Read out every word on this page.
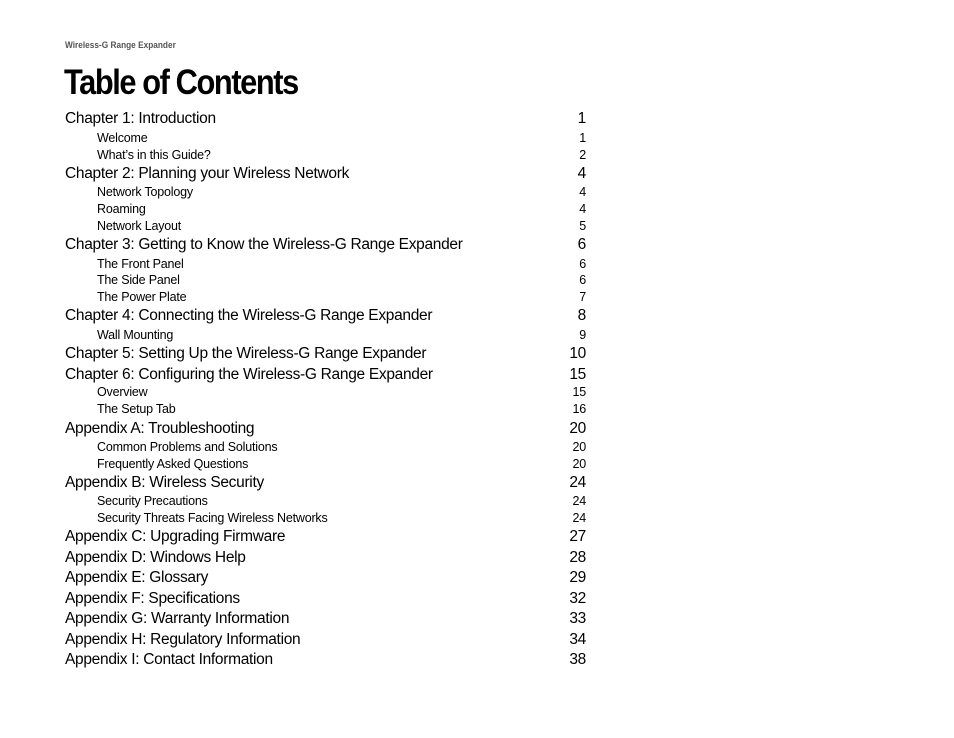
Wireless-G Range Expander
Table of Contents
Chapter 1: Introduction	1
Welcome	1
What’s in this Guide?	2
Chapter 2: Planning your Wireless Network	4
Network Topology	4
Roaming	4
Network Layout	5
Chapter 3: Getting to Know the Wireless-G Range Expander	6
The Front Panel	6
The Side Panel	6
The Power Plate	7
Chapter 4: Connecting the Wireless-G Range Expander	8
Wall Mounting	9
Chapter 5: Setting Up the Wireless-G Range Expander	10
Chapter 6: Configuring the Wireless-G Range Expander	15
Overview	15
The Setup Tab	16
Appendix A: Troubleshooting	20
Common Problems and Solutions	20
Frequently Asked Questions	20
Appendix B: Wireless Security	24
Security Precautions	24
Security Threats Facing Wireless Networks	24
Appendix C: Upgrading Firmware	27
Appendix D: Windows Help	28
Appendix E: Glossary	29
Appendix F: Specifications	32
Appendix G: Warranty Information	33
Appendix H: Regulatory Information	34
Appendix I: Contact Information	38
